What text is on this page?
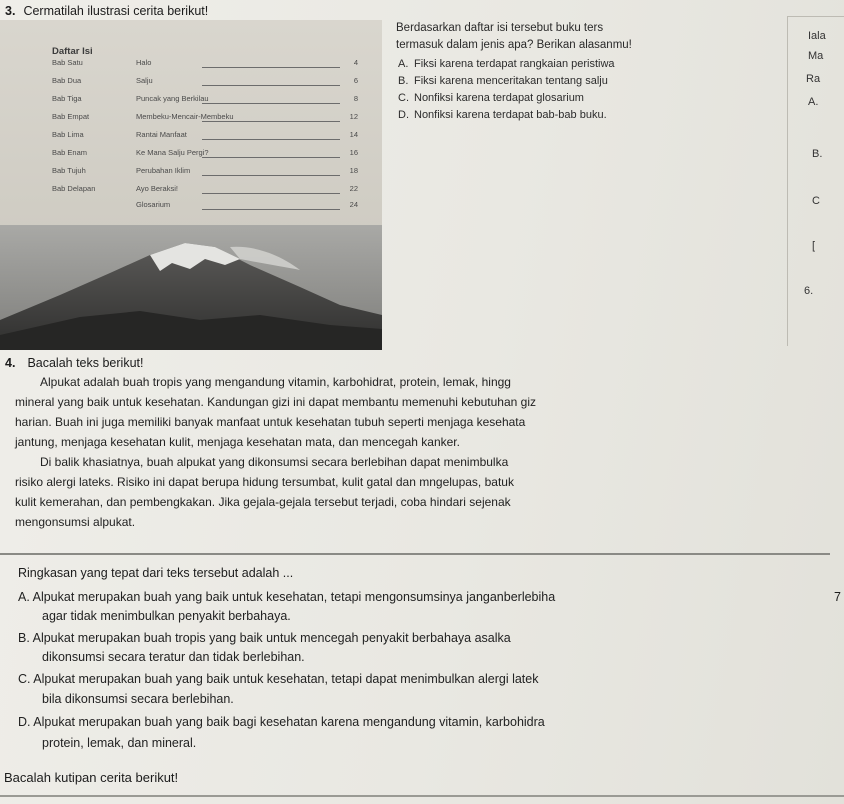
3. Cermatilah ilustrasi cerita berikut!
Daftar Isi
Bab Satu	Halo	4
Bab Dua	Salju	6
Bab Tiga	Puncak yang Berkilau	8
Bab Empat	Membeku-Mencair-Membeku	12
Bab Lima	Rantai Manfaat	14
Bab Enam	Ke Mana Salju Pergi?	16
Bab Tujuh	Perubahan Iklim	18
Bab Delapan	Ayo Beraksi!	22
Glosarium	24
Berdasarkan daftar isi tersebut buku ters
termasuk dalam jenis apa? Berikan alasanmu!
A. Fiksi karena terdapat rangkaian peristiwa
B. Fiksi karena menceritakan tentang salju
C. Nonfiksi karena terdapat glosarium
D. Nonfiksi karena terdapat bab-bab buku.
Iala
Ma
Ra
A.
B.
C
[
6.
4. Bacalah teks berikut!
Alpukat adalah buah tropis yang mengandung vitamin, karbohidrat, protein, lemak, hingg
mineral yang baik untuk kesehatan. Kandungan gizi ini dapat membantu memenuhi kebutuhan giz
harian. Buah ini juga memiliki banyak manfaat untuk kesehatan tubuh seperti menjaga kesehata
jantung, menjaga kesehatan kulit, menjaga kesehatan mata, dan mencegah kanker.
Di balik khasiatnya, buah alpukat yang dikonsumsi secara berlebihan dapat menimbulka
risiko alergi lateks. Risiko ini dapat berupa hidung tersumbat, kulit gatal dan mngelupas, batuk
kulit kemerahan, dan pembengkakan. Jika gejala-gejala tersebut terjadi, coba hindari sejenak
mengonsumsi alpukat.
Ringkasan yang tepat dari teks tersebut adalah ...
A. Alpukat merupakan buah yang baik untuk kesehatan, tetapi mengonsumsinya janganberlebiha
agar tidak menimbulkan penyakit berbahaya.
7
B. Alpukat merupakan buah tropis yang baik untuk mencegah penyakit berbahaya asalka
dikonsumsi secara teratur dan tidak berlebihan.
C. Alpukat merupakan buah yang baik untuk kesehatan, tetapi dapat menimbulkan alergi latek
bila dikonsumsi secara berlebihan.
D. Alpukat merupakan buah yang baik bagi kesehatan karena mengandung vitamin, karbohidra
protein, lemak, dan mineral.
Bacalah kutipan cerita berikut!
